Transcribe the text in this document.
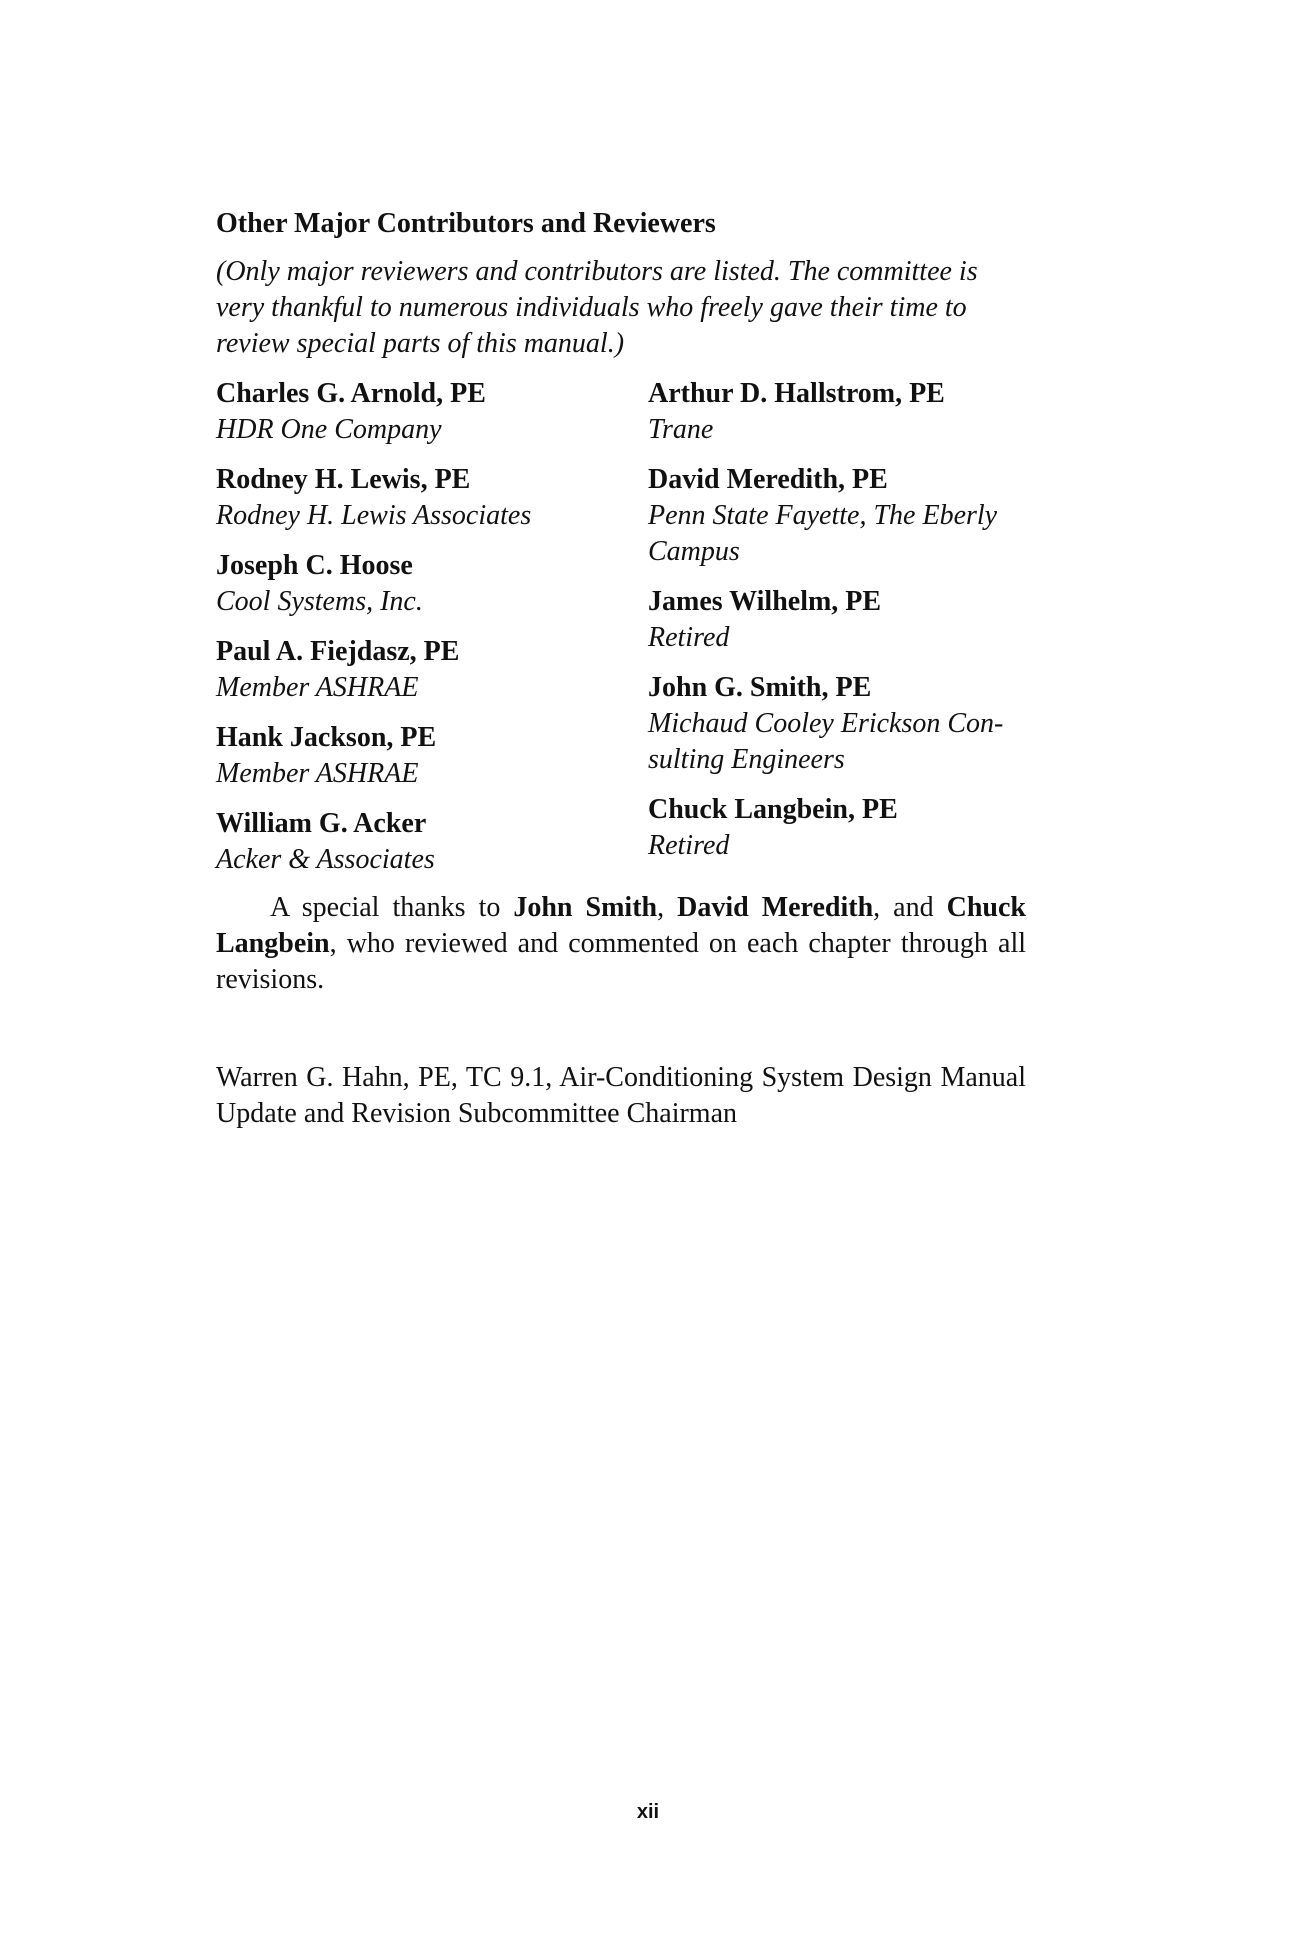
Other Major Contributors and Reviewers
(Only major reviewers and contributors are listed. The committee is very thankful to numerous individuals who freely gave their time to review special parts of this manual.)
Charles G. Arnold, PE
HDR One Company
Rodney H. Lewis, PE
Rodney H. Lewis Associates
Joseph C. Hoose
Cool Systems, Inc.
Paul A. Fiejdasz, PE
Member ASHRAE
Hank Jackson, PE
Member ASHRAE
William G. Acker
Acker & Associates
Arthur D. Hallstrom, PE
Trane
David Meredith, PE
Penn State Fayette, The Eberly Campus
James Wilhelm, PE
Retired
John G. Smith, PE
Michaud Cooley Erickson Con-sulting Engineers
Chuck Langbein, PE
Retired

A special thanks to John Smith, David Meredith, and Chuck Langbein, who reviewed and commented on each chapter through all revisions.

Warren G. Hahn, PE, TC 9.1, Air-Conditioning System Design Manual Update and Revision Subcommittee Chairman

xii
